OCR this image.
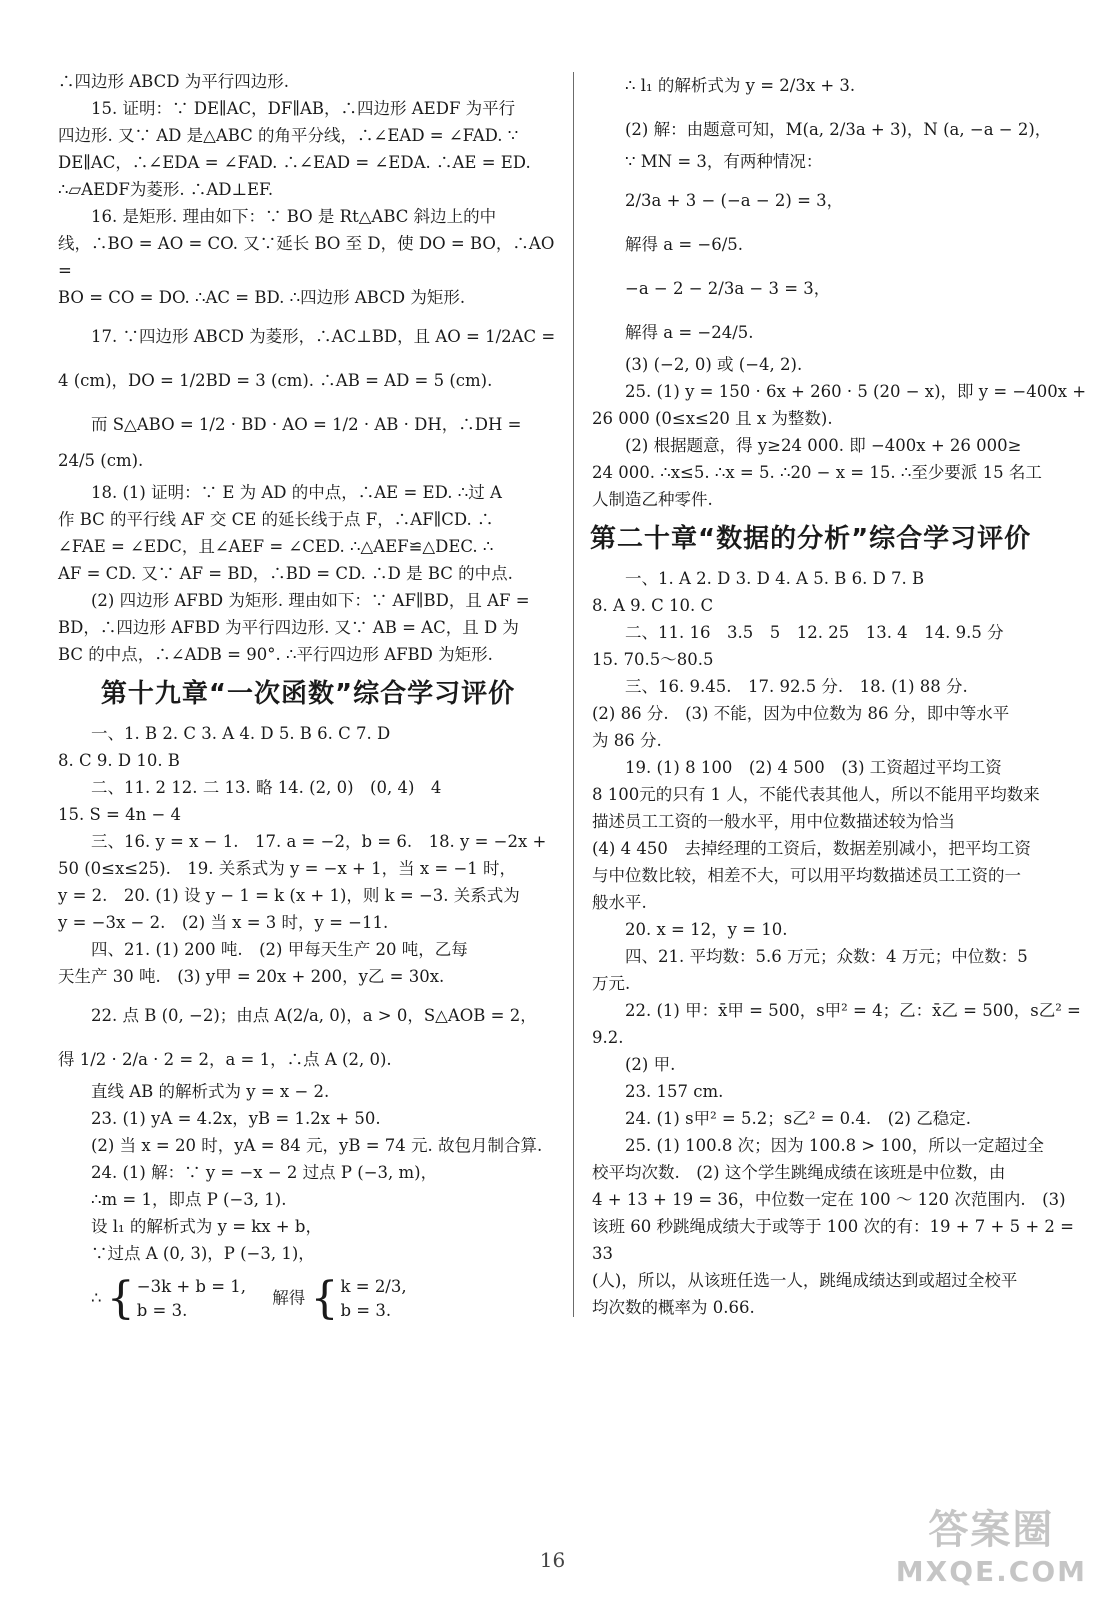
∴四边形 ABCD 为平行四边形.

15. 证明：∵ DE∥AC，DF∥AB，∴四边形 AEDF 为平行

四边形. 又∵ AD 是△ABC 的角平分线，∴∠EAD = ∠FAD. ∵

DE∥AC，∴∠EDA = ∠FAD. ∴∠EAD = ∠EDA. ∴AE = ED.

∴▱AEDF为菱形. ∴AD⊥EF.

16. 是矩形. 理由如下：∵ BO 是 Rt△ABC 斜边上的中

线，∴BO = AO = CO. 又∵延长 BO 至 D，使 DO = BO，∴AO =

BO = CO = DO. ∴AC = BD. ∴四边形 ABCD 为矩形.

17. ∵四边形 ABCD 为菱形，∴AC⊥BD，且 AO = 1/2AC =

4 (cm)，DO = 1/2BD = 3 (cm). ∴AB = AD = 5 (cm).

而 S△ABO = 1/2 · BD · AO = 1/2 · AB · DH，∴DH = 24/5 (cm).

18. (1) 证明：∵ E 为 AD 的中点，∴AE = ED. ∴过 A

作 BC 的平行线 AF 交 CE 的延长线于点 F，∴AF∥CD. ∴

∠FAE = ∠EDC，且∠AEF = ∠CED. ∴△AEF≌△DEC. ∴

AF = CD. 又∵ AF = BD，∴BD = CD. ∴D 是 BC 的中点.

(2) 四边形 AFBD 为矩形. 理由如下：∵ AF∥BD，且 AF =

BD，∴四边形 AFBD 为平行四边形. 又∵ AB = AC，且 D 为

BC 的中点，∴∠ADB = 90°. ∴平行四边形 AFBD 为矩形.

第十九章“一次函数”综合学习评价

一、1. B 2. C 3. A 4. D 5. B 6. C 7. D

8. C 9. D 10. B

二、11. 2 12. 二 13. 略 14. (2, 0)　(0, 4)　4

15. S = 4n − 4

三、16. y = x − 1.　17. a = −2，b = 6.　18. y = −2x +

50 (0≤x≤25).　19. 关系式为 y = −x + 1，当 x = −1 时，

y = 2.　20. (1) 设 y − 1 = k (x + 1)，则 k = −3. 关系式为

y = −3x − 2.　(2) 当 x = 3 时，y = −11.

四、21. (1) 200 吨.　(2) 甲每天生产 20 吨，乙每

天生产 30 吨.　(3) y甲 = 20x + 200，y乙 = 30x.

22. 点 B (0, −2)；由点 A(2/a, 0)，a > 0，S△AOB = 2，

得 1/2 · 2/a · 2 = 2，a = 1，∴点 A (2, 0).

直线 AB 的解析式为 y = x − 2.

23. (1) yA = 4.2x，yB = 1.2x + 50.

(2) 当 x = 20 时，yA = 84 元，yB = 74 元. 故包月制合算.

24. (1) 解：∵ y = −x − 2 过点 P (−3, m)，

∴m = 1，即点 P (−3, 1).

设 l₁ 的解析式为 y = kx + b，

∵过点 A (0, 3)，P (−3, 1)，

∴ { −3k + b = 1,
b = 3.
解得 { k = 2/3,
b = 3.

∴ l₁ 的解析式为 y = 2/3x + 3.

(2) 解：由题意可知，M(a, 2/3a + 3)，N (a, −a − 2)，

∵ MN = 3，有两种情况：

2/3a + 3 − (−a − 2) = 3，

解得 a = −6/5.

−a − 2 − 2/3a − 3 = 3，

解得 a = −24/5.

(3) (−2, 0) 或 (−4, 2).

25. (1) y = 150 · 6x + 260 · 5 (20 − x)，即 y = −400x +

26 000 (0≤x≤20 且 x 为整数).

(2) 根据题意，得 y≥24 000. 即 −400x + 26 000≥

24 000. ∴x≤5. ∴x = 5. ∴20 − x = 15. ∴至少要派 15 名工

人制造乙种零件.

第二十章“数据的分析”综合学习评价

一、1. A 2. D 3. D 4. A 5. B 6. D 7. B

8. A 9. C 10. C

二、11. 16　3.5　5　12. 25　13. 4　14. 9.5 分

15. 70.5～80.5

三、16. 9.45.　17. 92.5 分.　18. (1) 88 分.

(2) 86 分.　(3) 不能，因为中位数为 86 分，即中等水平

为 86 分.

19. (1) 8 100　(2) 4 500　(3) 工资超过平均工资

8 100元的只有 1 人，不能代表其他人，所以不能用平均数来

描述员工工资的一般水平，用中位数描述较为恰当

(4) 4 450　去掉经理的工资后，数据差别减小，把平均工资

与中位数比较，相差不大，可以用平均数描述员工工资的一

般水平.

20. x = 12，y = 10.

四、21. 平均数：5.6 万元；众数：4 万元；中位数：5

万元.

22. (1) 甲：x̄甲 = 500，s甲² = 4；乙：x̄乙 = 500，s乙² = 9.2.

(2) 甲.

23. 157 cm.

24. (1) s甲² = 5.2；s乙² = 0.4.　(2) 乙稳定.

25. (1) 100.8 次；因为 100.8 > 100，所以一定超过全

校平均次数.　(2) 这个学生跳绳成绩在该班是中位数，由

4 + 13 + 19 = 36，中位数一定在 100 ～ 120 次范围内.　(3)

该班 60 秒跳绳成绩大于或等于 100 次的有：19 + 7 + 5 + 2 = 33

(人)，所以，从该班任选一人，跳绳成绩达到或超过全校平

均次数的概率为 0.66.

16
答案圈
MXQE.COM
